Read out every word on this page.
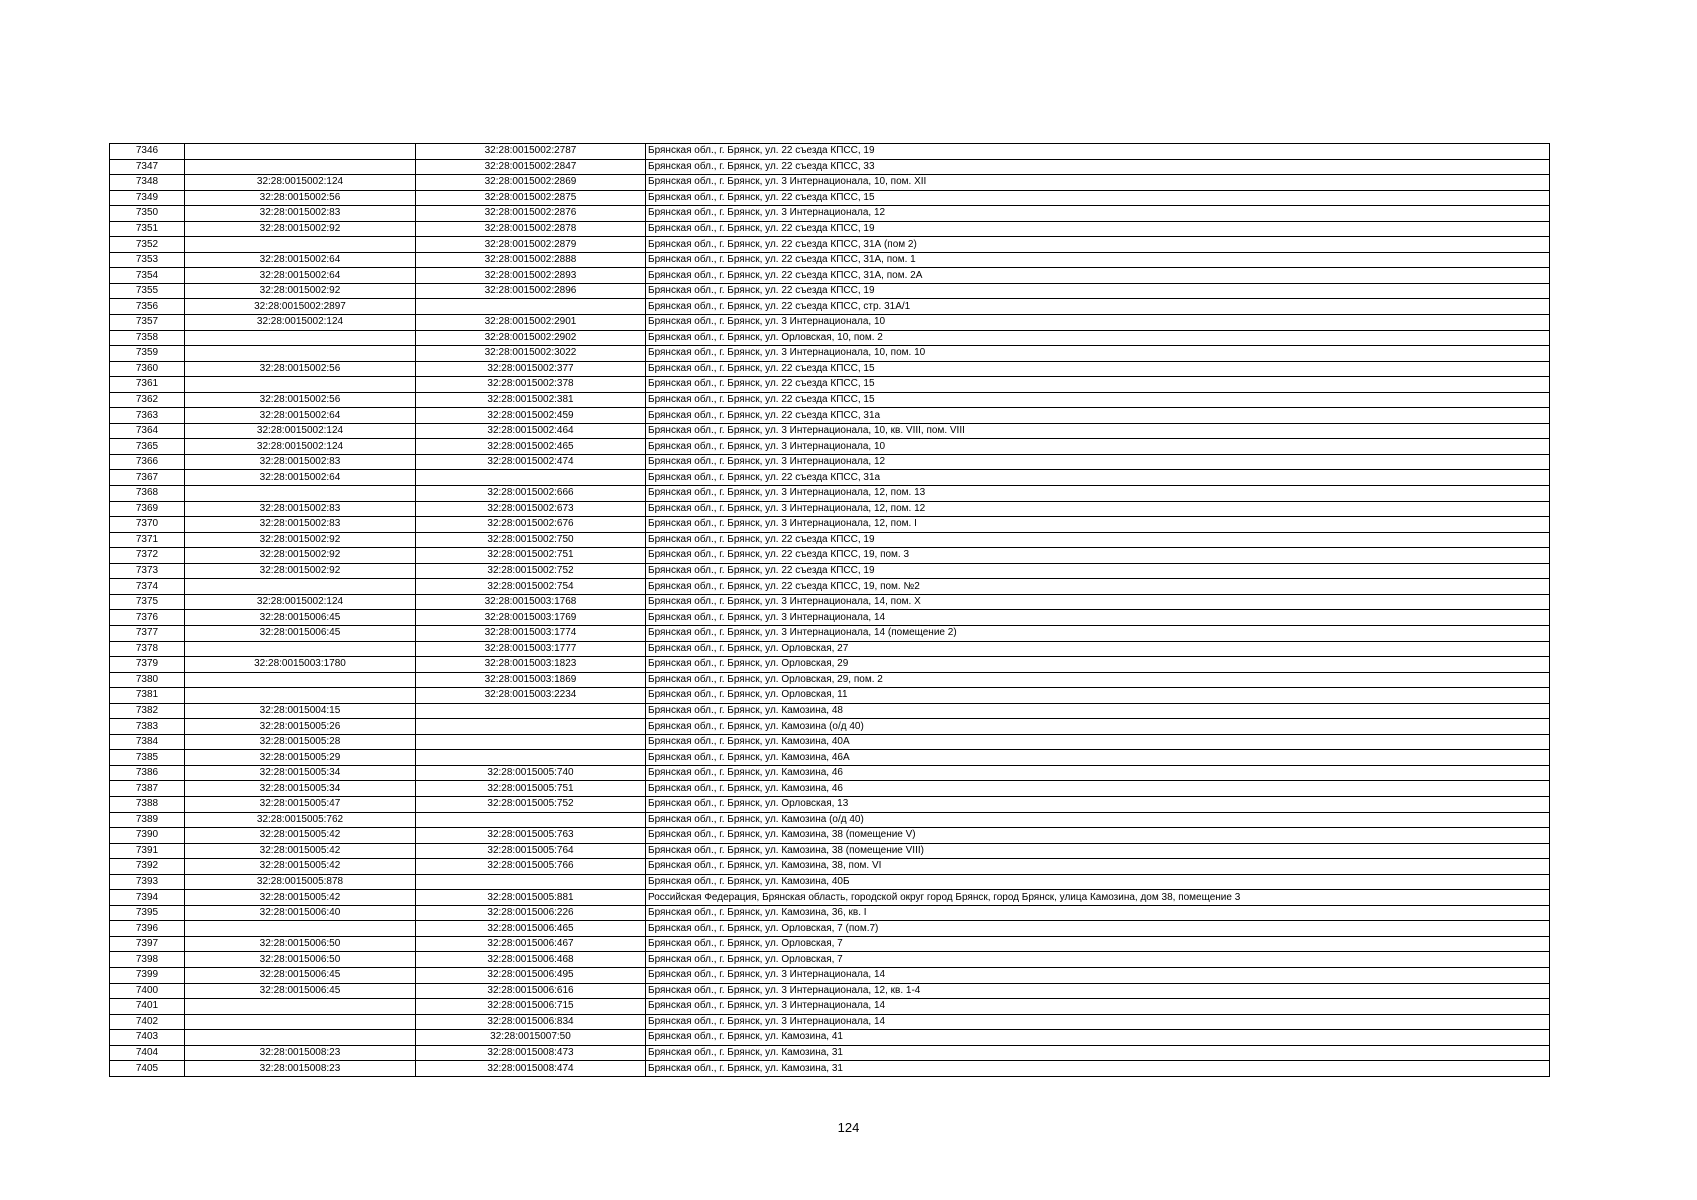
7346		32:28:0015002:2787	Брянская обл., г. Брянск, ул. 22 съезда КПСС, 19
7347		32:28:0015002:2847	Брянская обл., г. Брянск, ул. 22 съезда КПСС, 33
7348	32:28:0015002:124	32:28:0015002:2869	Брянская обл., г. Брянск, ул. 3 Интернационала, 10, пом. XII
7349	32:28:0015002:56	32:28:0015002:2875	Брянская обл., г. Брянск, ул. 22 съезда КПСС, 15
7350	32:28:0015002:83	32:28:0015002:2876	Брянская обл., г. Брянск, ул. 3 Интернационала, 12
7351	32:28:0015002:92	32:28:0015002:2878	Брянская обл., г. Брянск, ул. 22 съезда КПСС, 19
7352		32:28:0015002:2879	Брянская обл., г. Брянск, ул. 22 съезда КПСС, 31А (пом 2)
7353	32:28:0015002:64	32:28:0015002:2888	Брянская обл., г. Брянск, ул. 22 съезда КПСС, 31А, пом. 1
7354	32:28:0015002:64	32:28:0015002:2893	Брянская обл., г. Брянск, ул. 22 съезда КПСС, 31А, пом. 2А
7355	32:28:0015002:92	32:28:0015002:2896	Брянская обл., г. Брянск, ул. 22 съезда КПСС, 19
7356	32:28:0015002:2897		Брянская обл., г. Брянск, ул. 22 съезда КПСС, стр. 31А/1
7357	32:28:0015002:124	32:28:0015002:2901	Брянская обл., г. Брянск, ул. 3 Интернационала, 10
7358		32:28:0015002:2902	Брянская обл., г. Брянск, ул. Орловская, 10, пом. 2
7359		32:28:0015002:3022	Брянская обл., г. Брянск, ул. 3 Интернационала, 10, пом. 10
7360	32:28:0015002:56	32:28:0015002:377	Брянская обл., г. Брянск, ул. 22 съезда КПСС, 15
7361		32:28:0015002:378	Брянская обл., г. Брянск, ул. 22 съезда КПСС, 15
7362	32:28:0015002:56	32:28:0015002:381	Брянская обл., г. Брянск, ул. 22 съезда КПСС, 15
7363	32:28:0015002:64	32:28:0015002:459	Брянская обл., г. Брянск, ул. 22 съезда КПСС, 31а
7364	32:28:0015002:124	32:28:0015002:464	Брянская обл., г. Брянск, ул. 3 Интернационала, 10, кв. VIII, пом. VIII
7365	32:28:0015002:124	32:28:0015002:465	Брянская обл., г. Брянск, ул. 3 Интернационала, 10
7366	32:28:0015002:83	32:28:0015002:474	Брянская обл., г. Брянск, ул. 3 Интернационала, 12
7367	32:28:0015002:64		Брянская обл., г. Брянск, ул. 22 съезда КПСС, 31а
7368		32:28:0015002:666	Брянская обл., г. Брянск, ул. 3 Интернационала, 12, пом. 13
7369	32:28:0015002:83	32:28:0015002:673	Брянская обл., г. Брянск, ул. 3 Интернационала, 12, пом. 12
7370	32:28:0015002:83	32:28:0015002:676	Брянская обл., г. Брянск, ул. 3 Интернационала, 12, пом. I
7371	32:28:0015002:92	32:28:0015002:750	Брянская обл., г. Брянск, ул. 22 съезда КПСС, 19
7372	32:28:0015002:92	32:28:0015002:751	Брянская обл., г. Брянск, ул. 22 съезда КПСС, 19, пом. 3
7373	32:28:0015002:92	32:28:0015002:752	Брянская обл., г. Брянск, ул. 22 съезда КПСС, 19
7374		32:28:0015002:754	Брянская обл., г. Брянск, ул. 22 съезда КПСС, 19, пом. №2
7375	32:28:0015002:124	32:28:0015003:1768	Брянская обл., г. Брянск, ул. 3 Интернационала, 14, пом. X
7376	32:28:0015006:45	32:28:0015003:1769	Брянская обл., г. Брянск, ул. 3 Интернационала, 14
7377	32:28:0015006:45	32:28:0015003:1774	Брянская обл., г. Брянск, ул. 3 Интернационала, 14 (помещение 2)
7378		32:28:0015003:1777	Брянская обл., г. Брянск, ул. Орловская, 27
7379	32:28:0015003:1780	32:28:0015003:1823	Брянская обл., г. Брянск, ул. Орловская, 29
7380		32:28:0015003:1869	Брянская обл., г. Брянск, ул. Орловская, 29, пом. 2
7381		32:28:0015003:2234	Брянская обл., г. Брянск, ул. Орловская, 11
7382	32:28:0015004:15		Брянская обл., г. Брянск, ул. Камозина, 48
7383	32:28:0015005:26		Брянская обл., г. Брянск, ул. Камозина (о/д 40)
7384	32:28:0015005:28		Брянская обл., г. Брянск, ул. Камозина, 40А
7385	32:28:0015005:29		Брянская обл., г. Брянск, ул. Камозина, 46А
7386	32:28:0015005:34	32:28:0015005:740	Брянская обл., г. Брянск, ул. Камозина, 46
7387	32:28:0015005:34	32:28:0015005:751	Брянская обл., г. Брянск, ул. Камозина, 46
7388	32:28:0015005:47	32:28:0015005:752	Брянская обл., г. Брянск, ул. Орловская, 13
7389	32:28:0015005:762		Брянская обл., г. Брянск, ул. Камозина (о/д 40)
7390	32:28:0015005:42	32:28:0015005:763	Брянская обл., г. Брянск, ул. Камозина, 38 (помещение V)
7391	32:28:0015005:42	32:28:0015005:764	Брянская обл., г. Брянск, ул. Камозина, 38 (помещение VIII)
7392	32:28:0015005:42	32:28:0015005:766	Брянская обл., г. Брянск, ул. Камозина, 38, пом. VI
7393	32:28:0015005:878		Брянская обл., г. Брянск, ул. Камозина, 40Б
7394	32:28:0015005:42	32:28:0015005:881	Российская Федерация, Брянская область, городской округ город Брянск, город Брянск, улица Камозина, дом 38, помещение 3
7395	32:28:0015006:40	32:28:0015006:226	Брянская обл., г. Брянск, ул. Камозина, 36, кв. I
7396		32:28:0015006:465	Брянская обл., г. Брянск, ул. Орловская, 7 (пом.7)
7397	32:28:0015006:50	32:28:0015006:467	Брянская обл., г. Брянск, ул. Орловская, 7
7398	32:28:0015006:50	32:28:0015006:468	Брянская обл., г. Брянск, ул. Орловская, 7
7399	32:28:0015006:45	32:28:0015006:495	Брянская обл., г. Брянск, ул. 3 Интернационала, 14
7400	32:28:0015006:45	32:28:0015006:616	Брянская обл., г. Брянск, ул. 3 Интернационала, 12, кв. 1-4
7401		32:28:0015006:715	Брянская обл., г. Брянск, ул. 3 Интернационала, 14
7402		32:28:0015006:834	Брянская обл., г. Брянск, ул. 3 Интернационала, 14
7403		32:28:0015007:50	Брянская обл., г. Брянск, ул. Камозина, 41
7404	32:28:0015008:23	32:28:0015008:473	Брянская обл., г. Брянск, ул. Камозина, 31
7405	32:28:0015008:23	32:28:0015008:474	Брянская обл., г. Брянск, ул. Камозина, 31
124
